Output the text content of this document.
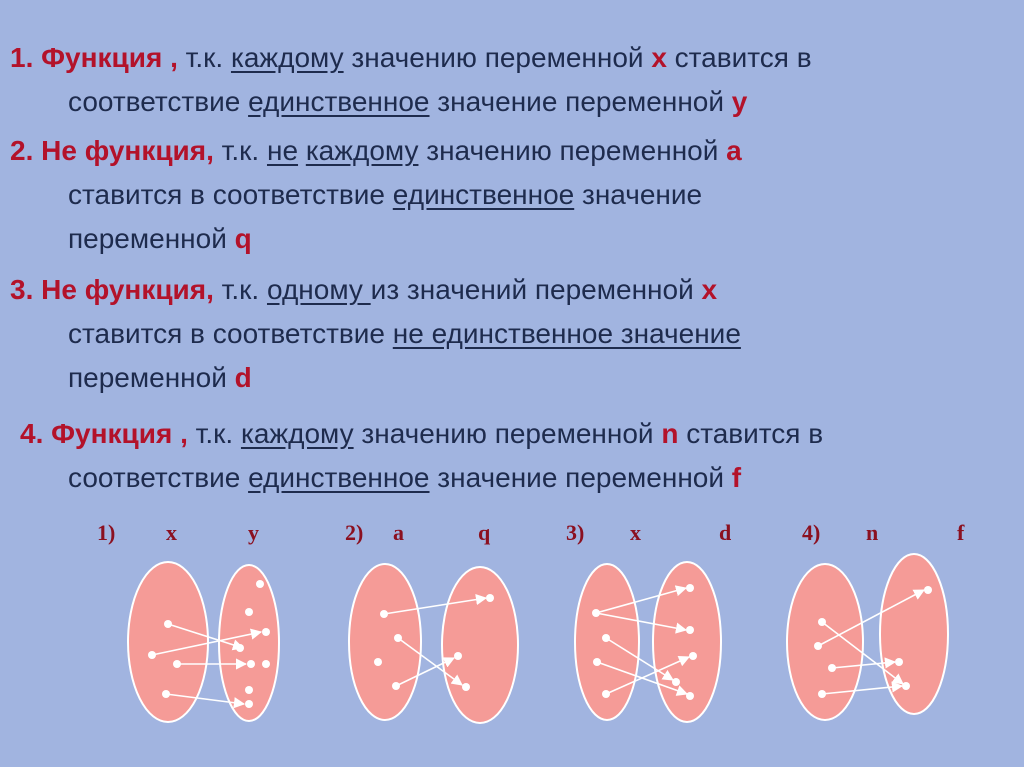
1. Функция , т.к. каждому значению переменной x ставится в
соответствие единственное значение переменной y
2. Не функция, т.к. не каждому значению переменной а
ставится в соответствие единственное значение
переменной q
3. Не функция, т.к. одному из значений переменной x
ставится в соответствие не единственное значение
переменной d
4. Функция , т.к. каждому значению переменной n ставится в
соответствие единственное значение переменной f
1) x	y	2) a	q	3) x	d	4) n	f
